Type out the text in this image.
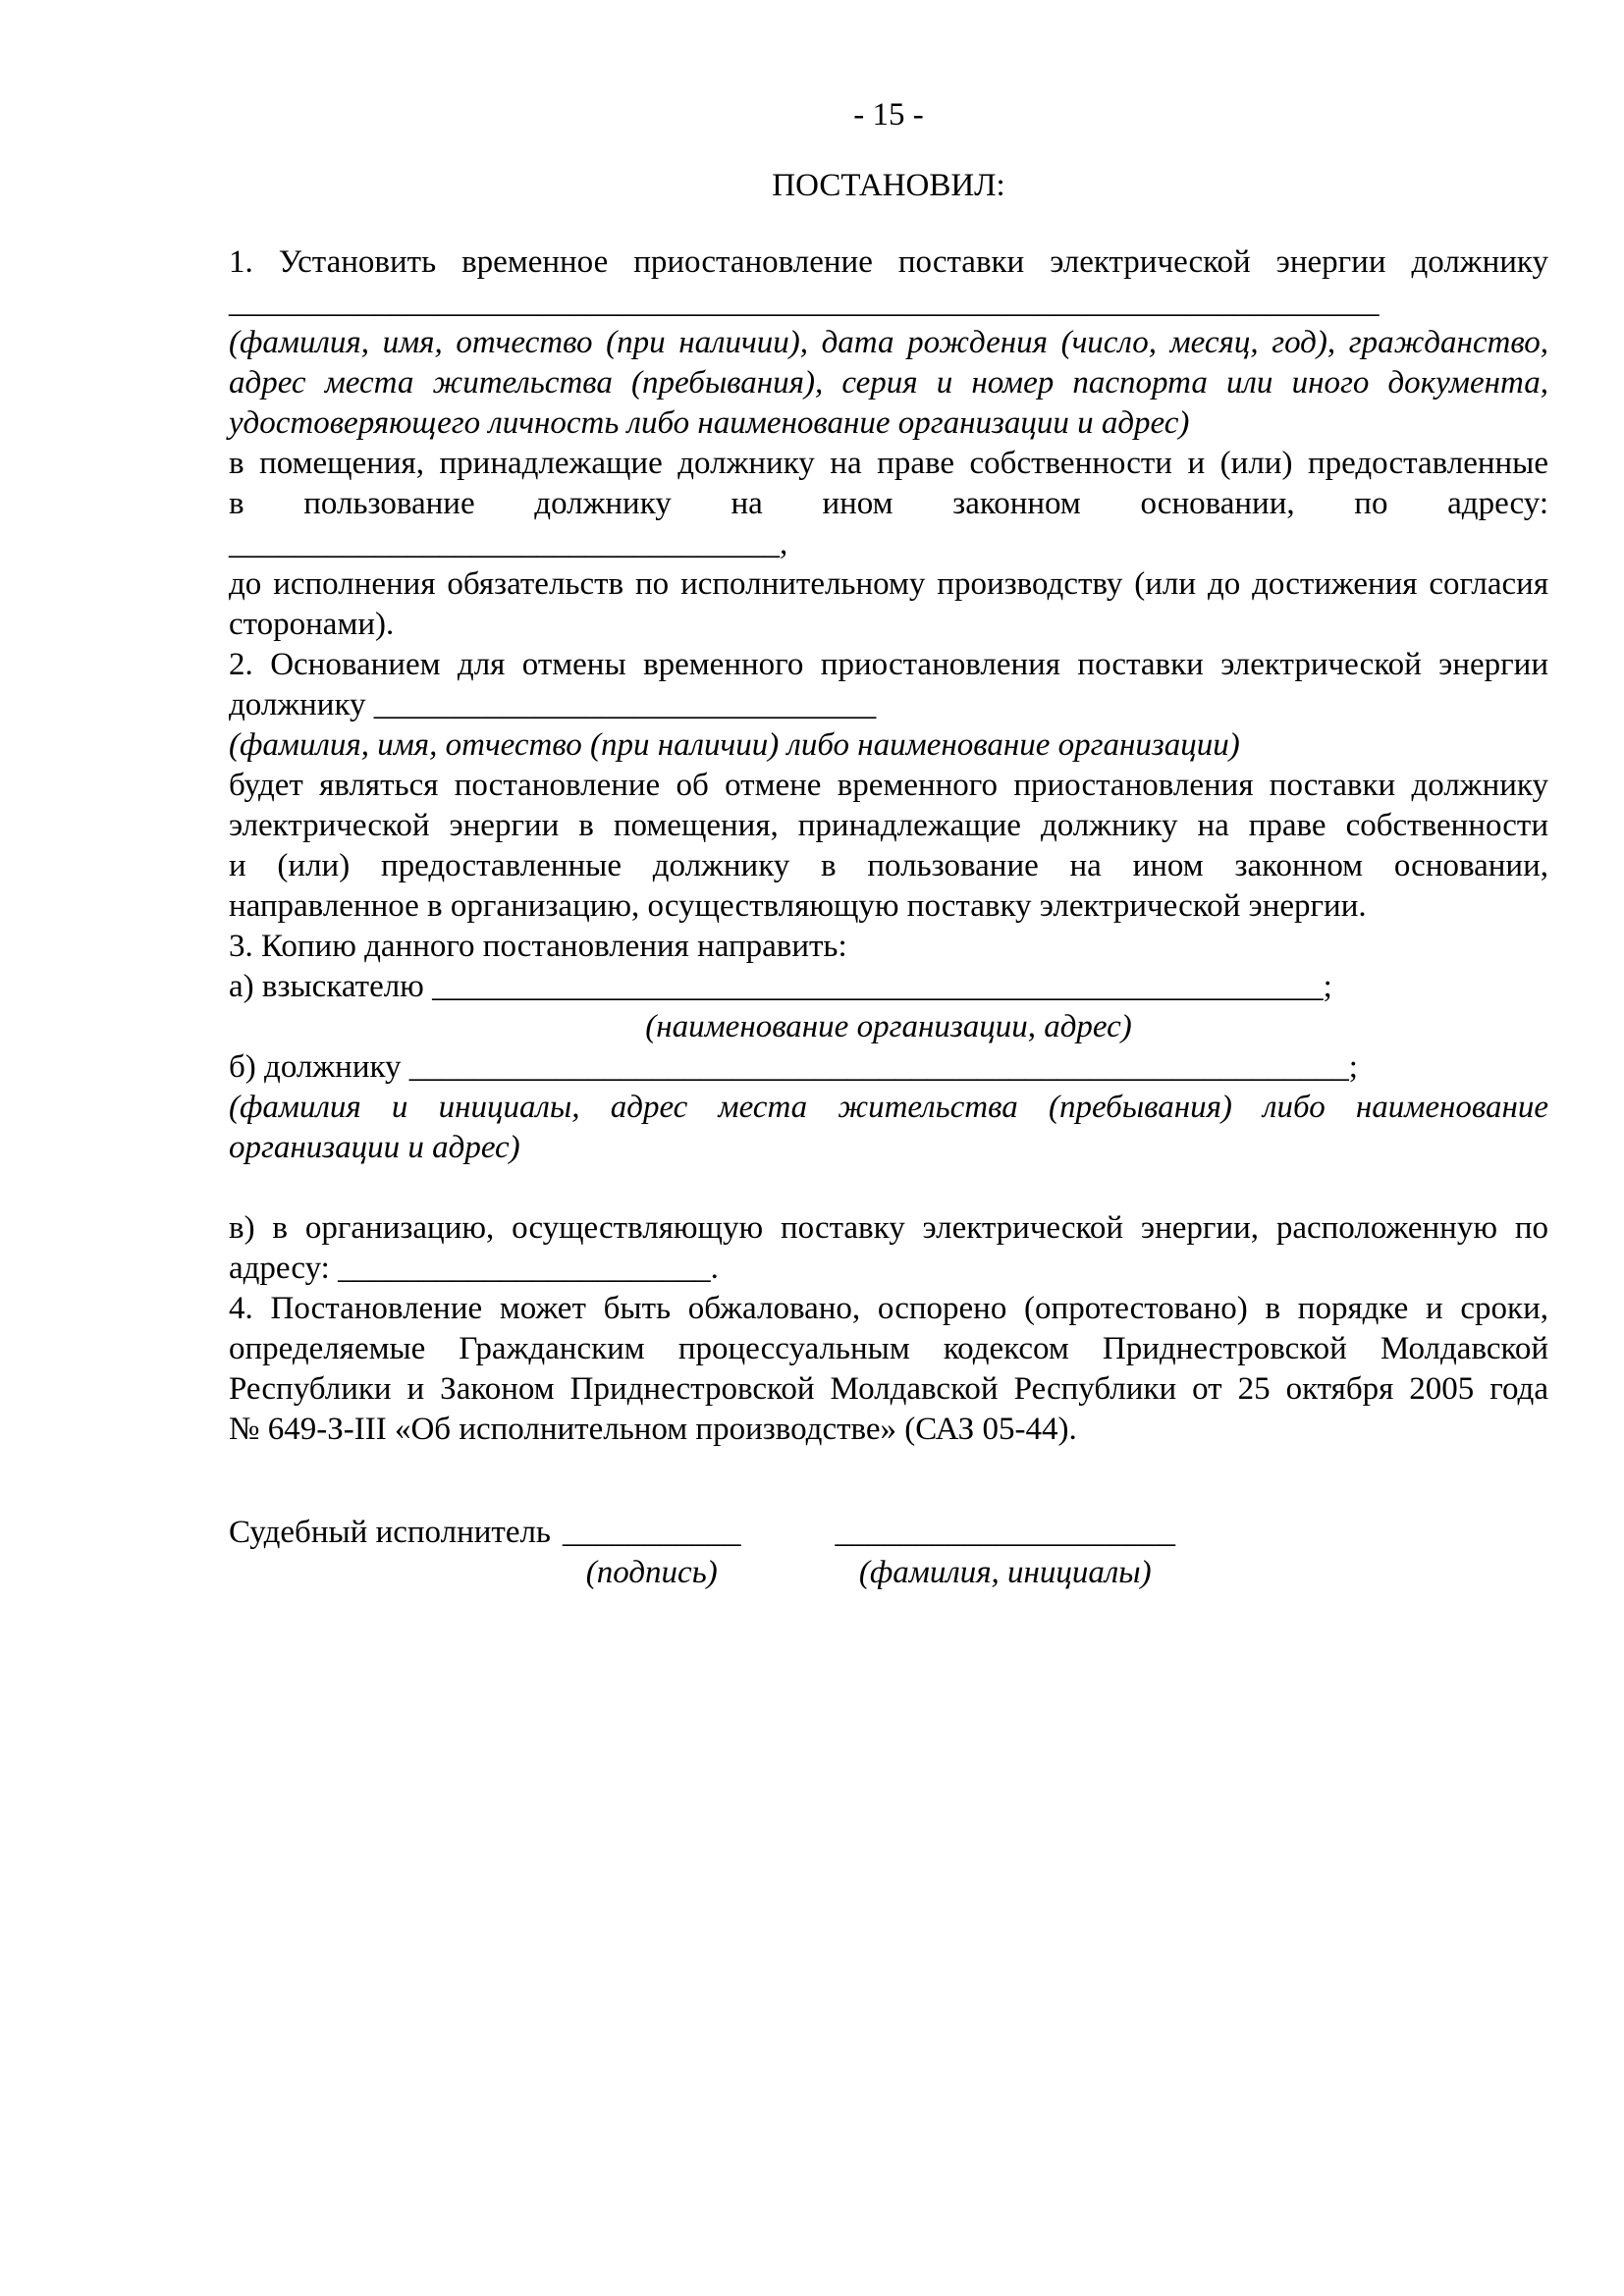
- 15 -
ПОСТАНОВИЛ:
1. Установить временное приостановление поставки электрической энергии должнику
_______________________________________________________________________
(фамилия, имя, отчество (при наличии), дата рождения (число, месяц, год), гражданство,
адрес места жительства (пребывания), серия и номер паспорта или иного документа,
удостоверяющего личность либо наименование организации и адрес)
в помещения, принадлежащие должнику на праве собственности и (или) предоставленные
в пользование должнику на ином законном основании, по адресу:
__________________________________,
до исполнения обязательств по исполнительному производству (или до достижения согласия
сторонами).
2. Основанием для отмены временного приостановления поставки электрической энергии
должнику _______________________________
(фамилия, имя, отчество (при наличии) либо наименование организации)
будет являться постановление об отмене временного приостановления поставки должнику
электрической энергии в помещения, принадлежащие должнику на праве собственности
и (или) предоставленные должнику в пользование на ином законном основании,
направленное в организацию, осуществляющую поставку электрической энергии.
3. Копию данного постановления направить:
а) взыскателю _______________________________________________________;
(наименование организации, адрес)
б) должнику __________________________________________________________;
(фамилия и инициалы, адрес места жительства (пребывания) либо наименование
организации и адрес)
в) в организацию, осуществляющую поставку электрической энергии, расположенную по
адресу: _______________________.
4. Постановление может быть обжаловано, оспорено (опротестовано) в порядке и сроки,
определяемые Гражданским процессуальным кодексом Приднестровской Молдавской
Республики и Законом Приднестровской Молдавской Республики от 25 октября 2005 года
№ 649-З-III «Об исполнительном производстве» (САЗ 05-44).
Судебный исполнитель ___________
(подпись)
_____________________
(фамилия, инициалы)
